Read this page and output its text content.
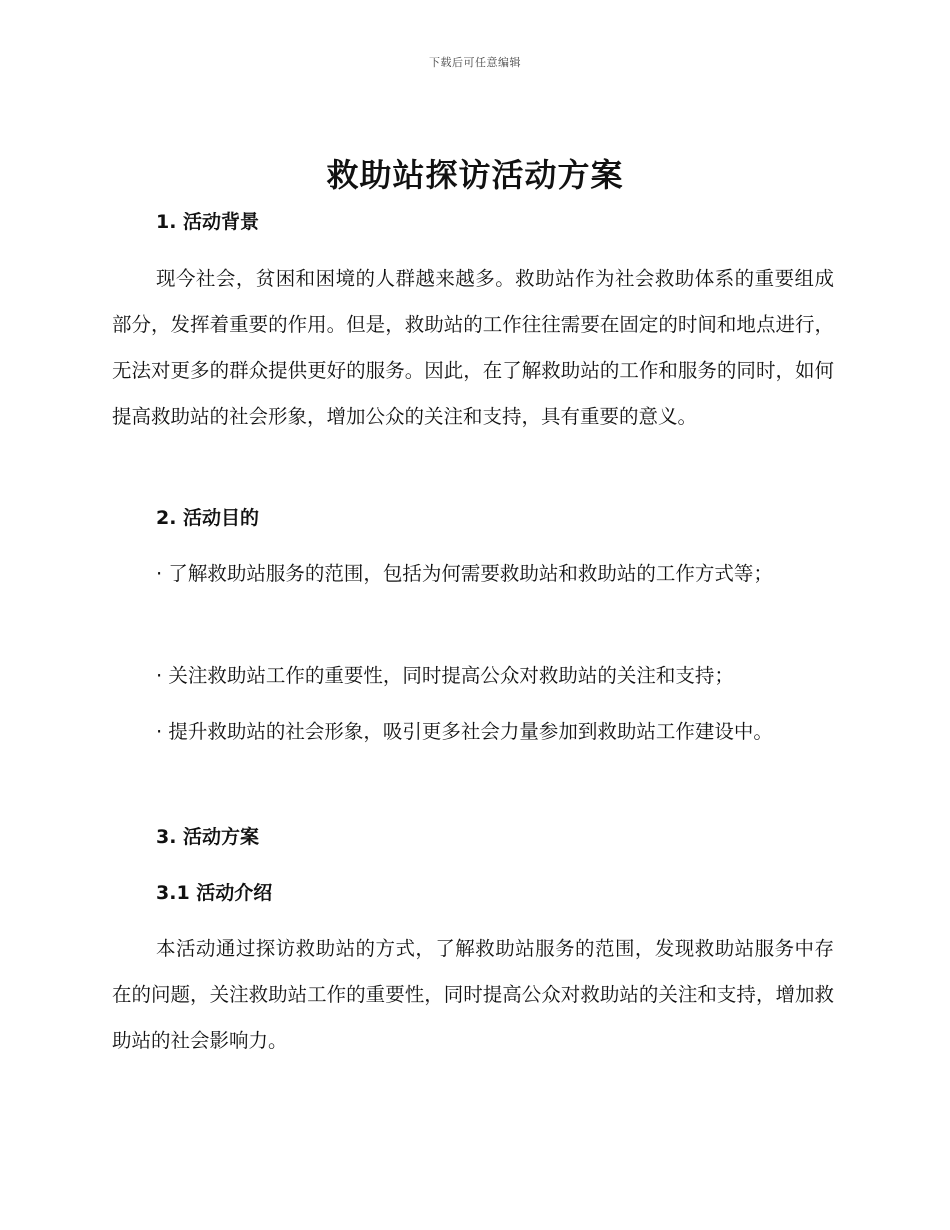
下载后可任意编辑
救助站探访活动方案
1. 活动背景

现今社会，贫困和困境的人群越来越多。救助站作为社会救助体系的重要组成部分，发挥着重要的作用。但是，救助站的工作往往需要在固定的时间和地点进行，无法对更多的群众提供更好的服务。因此，在了解救助站的工作和服务的同时，如何提高救助站的社会形象，增加公众的关注和支持，具有重要的意义。

2. 活动目的

· 了解救助站服务的范围，包括为何需要救助站和救助站的工作方式等；

· 关注救助站工作的重要性，同时提高公众对救助站的关注和支持；

· 提升救助站的社会形象，吸引更多社会力量参加到救助站工作建设中。

3. 活动方案
3.1 活动介绍

本活动通过探访救助站的方式，了解救助站服务的范围，发现救助站服务中存在的问题，关注救助站工作的重要性，同时提高公众对救助站的关注和支持，增加救助站的社会影响力。
